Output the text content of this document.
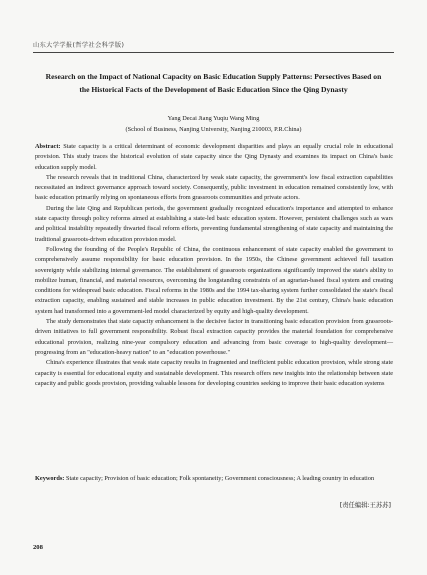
山东大学学报(哲学社会科学版)
Research on the Impact of National Capacity on Basic Education Supply Patterns: Persectives Based on the Historical Facts of the Development of Basic Education Since the Qing Dynasty
Yang Decai Jiang Yuqiu Wang Ming
(School of Business, Nanjing University, Nanjing 210003, P.R.China)

Abstract: State capacity is a critical determinant of economic development disparities and plays an equally crucial role in educational provision. This study traces the historical evolution of state capacity since the Qing Dynasty and examines its impact on China's basic education supply model.

The research reveals that in traditional China, characterized by weak state capacity, the government's low fiscal extraction capabilities necessitated an indirect governance approach toward society. Consequently, public investment in education remained consistently low, with basic education primarily relying on spontaneous efforts from grassroots communities and private actors.

During the late Qing and Republican periods, the government gradually recognized education's importance and attempted to enhance state capacity through policy reforms aimed at establishing a state-led basic education system. However, persistent challenges such as wars and political instability repeatedly thwarted fiscal reform efforts, preventing fundamental strengthening of state capacity and maintaining the traditional grassroots-driven education provision model.

Following the founding of the People's Republic of China, the continuous enhancement of state capacity enabled the government to comprehensively assume responsibility for basic education provision. In the 1950s, the Chinese government achieved full taxation sovereignty while stabilizing internal governance. The establishment of grassroots organizations significantly improved the state's ability to mobilize human, financial, and material resources, overcoming the longstanding constraints of an agrarian-based fiscal system and creating conditions for widespread basic education. Fiscal reforms in the 1980s and the 1994 tax-sharing system further consolidated the state's fiscal extraction capacity, enabling sustained and stable increases in public education investment. By the 21st century, China's basic education system had transformed into a government-led model characterized by equity and high-quality development.

The study demonstrates that state capacity enhancement is the decisive factor in transitioning basic education provision from grassroots-driven initiatives to full government responsibility. Robust fiscal extraction capacity provides the material foundation for comprehensive educational provision, realizing nine-year compulsory education and advancing from basic coverage to high-quality development—progressing from an "education-heavy nation" to an "education powerhouse."

China's experience illustrates that weak state capacity results in fragmented and inefficient public education provision, while strong state capacity is essential for educational equity and sustainable development. This research offers new insights into the relationship between state capacity and public goods provision, providing valuable lessons for developing countries seeking to improve their basic education systems

Keywords: State capacity; Provision of basic education; Folk spontaneity; Government consciousness; A leading country in education
[责任编辑:王苏苏]
208
